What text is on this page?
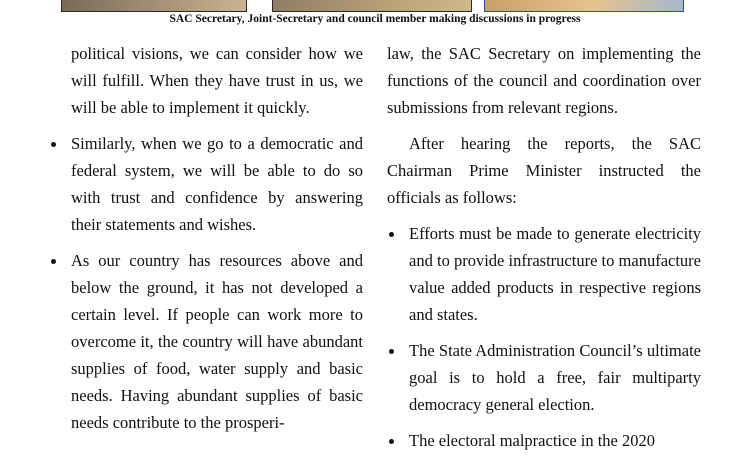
SAC Secretary, Joint-Secretary and council member making discussions in progress

political visions, we can consider how we will fulfill. When they have trust in us, we will be able to implement it quickly.

Similarly, when we go to a democratic and federal system, we will be able to do so with trust and confidence by answering their statements and wishes.
As our country has resources above and below the ground, it has not developed a certain level. If people can work more to overcome it, the country will have abundant supplies of food, water supply and basic needs. Having abundant supplies of basic needs contribute to the prosperi-

law, the SAC Secretary on implementing the functions of the council and coordination over submissions from relevant regions.

After hearing the reports, the SAC Chairman Prime Minister instructed the officials as follows:

Efforts must be made to generate electricity and to provide infrastructure to manufacture value added products in respective regions and states.
The State Administration Council’s ultimate goal is to hold a free, fair multiparty democracy general election.
The electoral malpractice in the 2020
